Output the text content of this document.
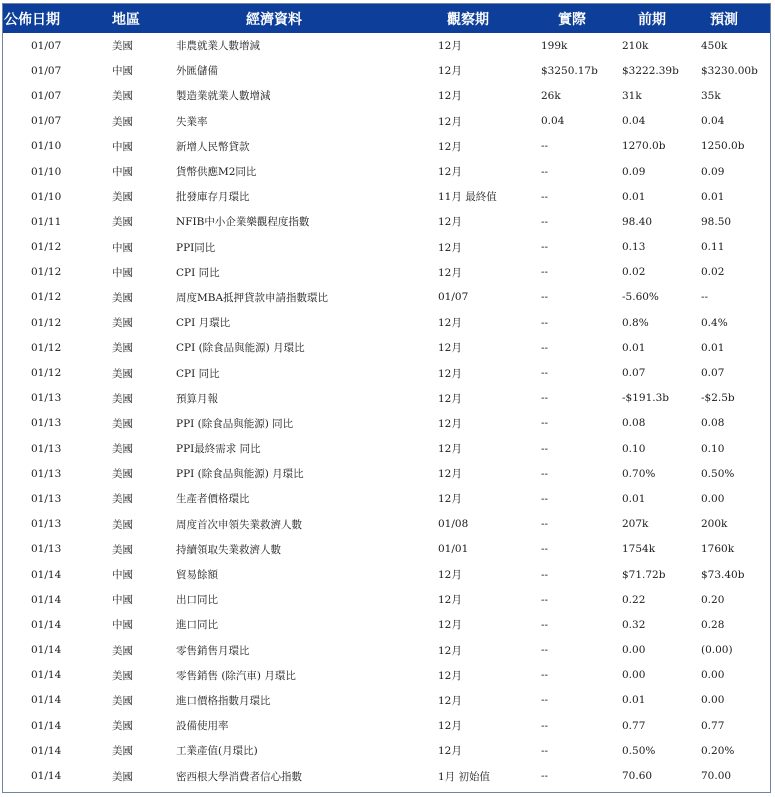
公佈日期	地區	經濟資料	觀察期	實際	前期	預測
01/07	美國	非農就業人數增減	12月	199k	210k	450k
01/07	中國	外匯儲備	12月	$3250.17b	$3222.39b	$3230.00b
01/07	美國	製造業就業人數增減	12月	26k	31k	35k
01/07	美國	失業率	12月	0.04	0.04	0.04
01/10	中國	新增人民幣貸款	12月	--	1270.0b	1250.0b
01/10	中國	貨幣供應M2同比	12月	--	0.09	0.09
01/10	美國	批發庫存月環比	11月 最終值	--	0.01	0.01
01/11	美國	NFIB中小企業樂觀程度指數	12月	--	98.40	98.50
01/12	中國	PPI同比	12月	--	0.13	0.11
01/12	中國	CPI 同比	12月	--	0.02	0.02
01/12	美國	周度MBA抵押貸款申請指數環比	01/07	--	-5.60%	--
01/12	美國	CPI 月環比	12月	--	0.8%	0.4%
01/12	美國	CPI (除食品與能源) 月環比	12月	--	0.01	0.01
01/12	美國	CPI 同比	12月	--	0.07	0.07
01/13	美國	預算月報	12月	--	-$191.3b	-$2.5b
01/13	美國	PPI (除食品與能源) 同比	12月	--	0.08	0.08
01/13	美國	PPI最終需求 同比	12月	--	0.10	0.10
01/13	美國	PPI (除食品與能源) 月環比	12月	--	0.70%	0.50%
01/13	美國	生產者價格環比	12月	--	0.01	0.00
01/13	美國	周度首次申領失業救濟人數	01/08	--	207k	200k
01/13	美國	持續領取失業救濟人數	01/01	--	1754k	1760k
01/14	中國	貿易餘額	12月	--	$71.72b	$73.40b
01/14	中國	出口同比	12月	--	0.22	0.20
01/14	中國	進口同比	12月	--	0.32	0.28
01/14	美國	零售銷售月環比	12月	--	0.00	(0.00)
01/14	美國	零售銷售 (除汽車) 月環比	12月	--	0.00	0.00
01/14	美國	進口價格指數月環比	12月	--	0.01	0.00
01/14	美國	設備使用率	12月	--	0.77	0.77
01/14	美國	工業產值(月環比)	12月	--	0.50%	0.20%
01/14	美國	密西根大學消費者信心指數	1月 初始值	--	70.60	70.00
